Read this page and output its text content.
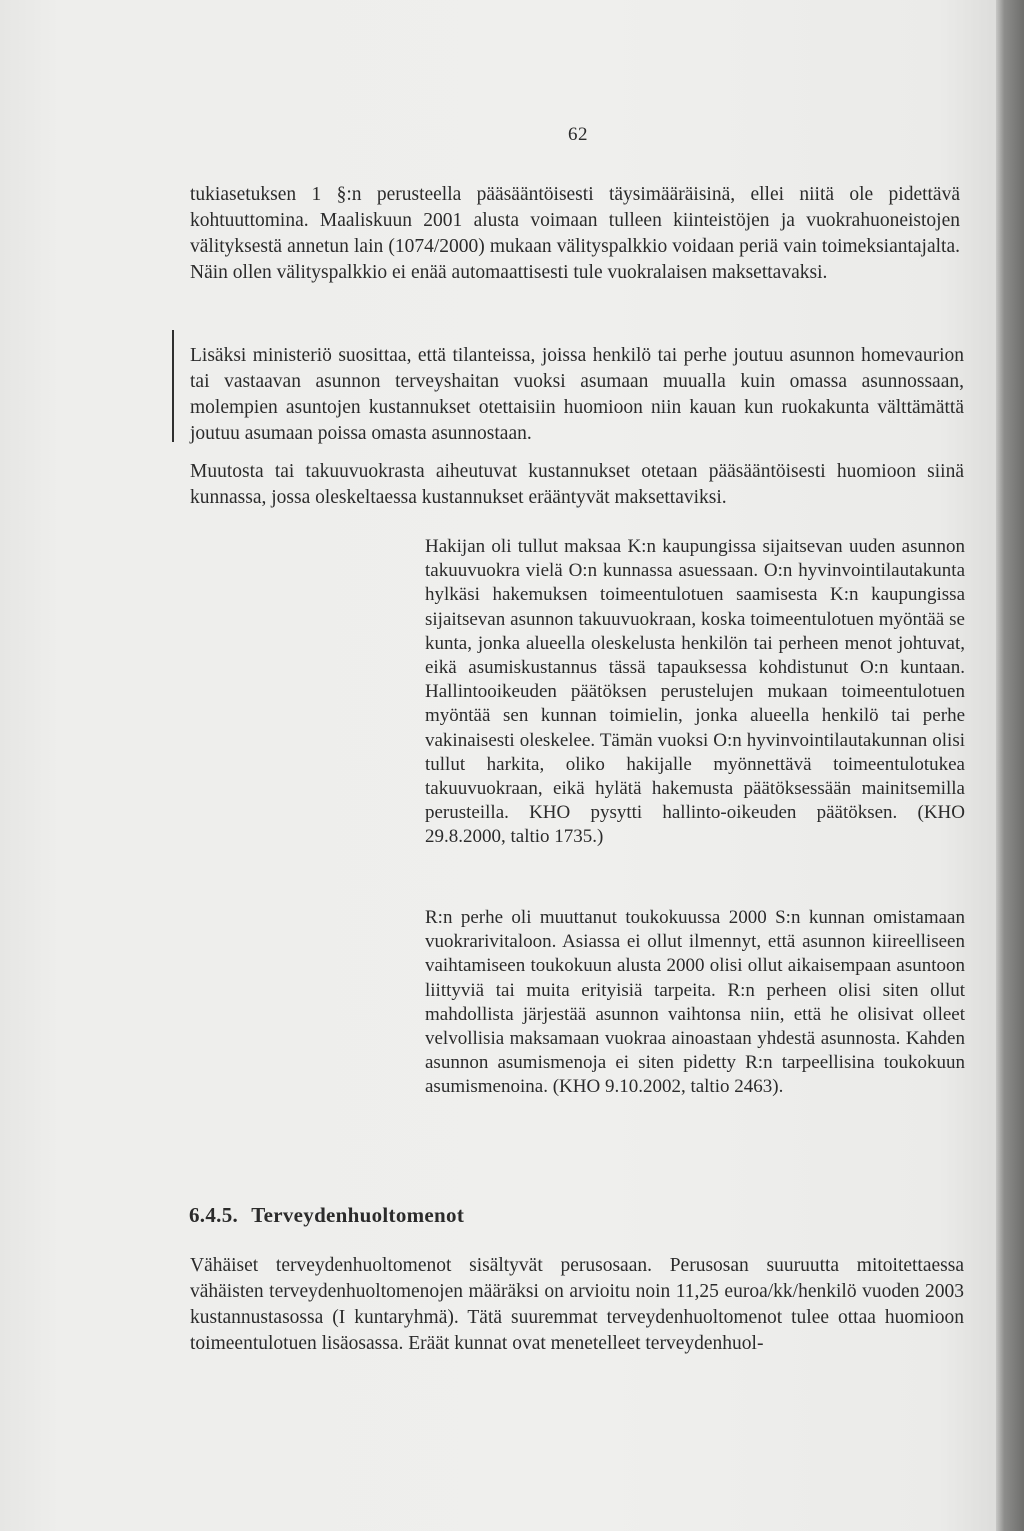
62

tukiasetuksen 1 §:n perusteella pääsääntöisesti täysimääräisinä, ellei niitä ole pidettävä kohtuuttomina. Maaliskuun 2001 alusta voimaan tulleen kiinteistöjen ja vuokrahuoneistojen välityksestä annetun lain (1074/2000) mukaan välityspalkkio voidaan periä vain toimeksiantajalta. Näin ollen välityspalkkio ei enää automaattisesti tule vuokralaisen maksettavaksi.

Lisäksi ministeriö suosittaa, että tilanteissa, joissa henkilö tai perhe joutuu asunnon homevaurion tai vastaavan asunnon terveyshaitan vuoksi asumaan muualla kuin omassa asunnossaan, molempien asuntojen kustannukset otettaisiin huomioon niin kauan kun ruokakunta välttämättä joutuu asumaan poissa omasta asunnostaan.

Muutosta tai takuuvuokrasta aiheutuvat kustannukset otetaan pääsääntöisesti huomioon siinä kunnassa, jossa oleskeltaessa kustannukset erääntyvät maksettaviksi.

Hakijan oli tullut maksaa K:n kaupungissa sijaitsevan uuden asunnon takuuvuokra vielä O:n kunnassa asuessaan. O:n hyvinvointilautakunta hylkäsi hakemuksen toimeentulotuen saamisesta K:n kaupungissa sijaitsevan asunnon takuuvuokraan, koska toimeentulotuen myöntää se kunta, jonka alueella oleskelusta henkilön tai perheen menot johtuvat, eikä asumiskustannus tässä tapauksessa kohdistunut O:n kuntaan. Hallintooikeuden päätöksen perustelujen mukaan toimeentulotuen myöntää sen kunnan toimielin, jonka alueella henkilö tai perhe vakinaisesti oleskelee. Tämän vuoksi O:n hyvinvointilautakunnan olisi tullut harkita, oliko hakijalle myönnettävä toimeentulotukea takuuvuokraan, eikä hylätä hakemusta päätöksessään mainitsemilla perusteilla. KHO pysytti hallinto-oikeuden päätöksen. (KHO 29.8.2000, taltio 1735.)

R:n perhe oli muuttanut toukokuussa 2000 S:n kunnan omistamaan vuokrarivitaloon. Asiassa ei ollut ilmennyt, että asunnon kiireelliseen vaihtamiseen toukokuun alusta 2000 olisi ollut aikaisempaan asuntoon liittyviä tai muita erityisiä tarpeita. R:n perheen olisi siten ollut mahdollista järjestää asunnon vaihtonsa niin, että he olisivat olleet velvollisia maksamaan vuokraa ainoastaan yhdestä asunnosta. Kahden asunnon asumismenoja ei siten pidetty R:n tarpeellisina toukokuun asumismenoina. (KHO 9.10.2002, taltio 2463).

6.4.5. Terveydenhuoltomenot

Vähäiset terveydenhuoltomenot sisältyvät perusosaan. Perusosan suuruutta mitoitettaessa vähäisten terveydenhuoltomenojen määräksi on arvioitu noin 11,25 euroa/kk/henkilö vuoden 2003 kustannustasossa (I kuntaryhmä). Tätä suuremmat terveydenhuoltomenot tulee ottaa huomioon toimeentulotuen lisäosassa. Eräät kunnat ovat menetelleet terveydenhuol-
